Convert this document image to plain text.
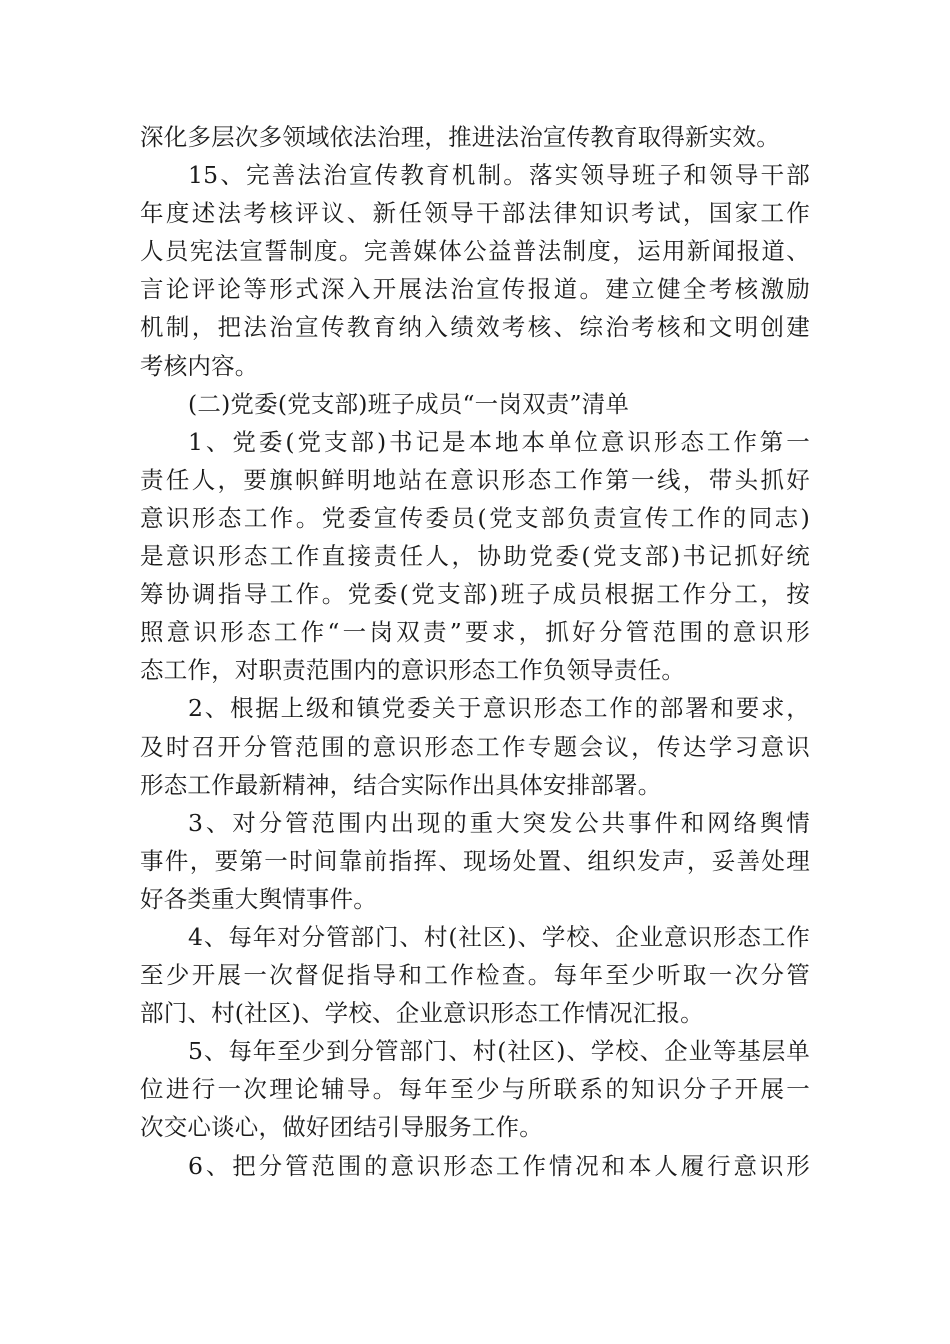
深化多层次多领域依法治理，推进法治宣传教育取得新实效。
15、完善法治宣传教育机制。落实领导班子和领导干部
年度述法考核评议、新任领导干部法律知识考试，国家工作
人员宪法宣誓制度。完善媒体公益普法制度，运用新闻报道、
言论评论等形式深入开展法治宣传报道。建立健全考核激励
机制，把法治宣传教育纳入绩效考核、综治考核和文明创建
考核内容。
(二)党委(党支部)班子成员“一岗双责”清单
1、党委(党支部)书记是本地本单位意识形态工作第一
责任人，要旗帜鲜明地站在意识形态工作第一线，带头抓好
意识形态工作。党委宣传委员(党支部负责宣传工作的同志)
是意识形态工作直接责任人，协助党委(党支部)书记抓好统
筹协调指导工作。党委(党支部)班子成员根据工作分工，按
照意识形态工作“一岗双责”要求，抓好分管范围的意识形
态工作，对职责范围内的意识形态工作负领导责任。
2、根据上级和镇党委关于意识形态工作的部署和要求，
及时召开分管范围的意识形态工作专题会议，传达学习意识
形态工作最新精神，结合实际作出具体安排部署。
3、对分管范围内出现的重大突发公共事件和网络舆情
事件，要第一时间靠前指挥、现场处置、组织发声，妥善处理
好各类重大舆情事件。
4、每年对分管部门、村(社区)、学校、企业意识形态工作
至少开展一次督促指导和工作检查。每年至少听取一次分管
部门、村(社区)、学校、企业意识形态工作情况汇报。
5、每年至少到分管部门、村(社区)、学校、企业等基层单
位进行一次理论辅导。每年至少与所联系的知识分子开展一
次交心谈心，做好团结引导服务工作。
6、把分管范围的意识形态工作情况和本人履行意识形
